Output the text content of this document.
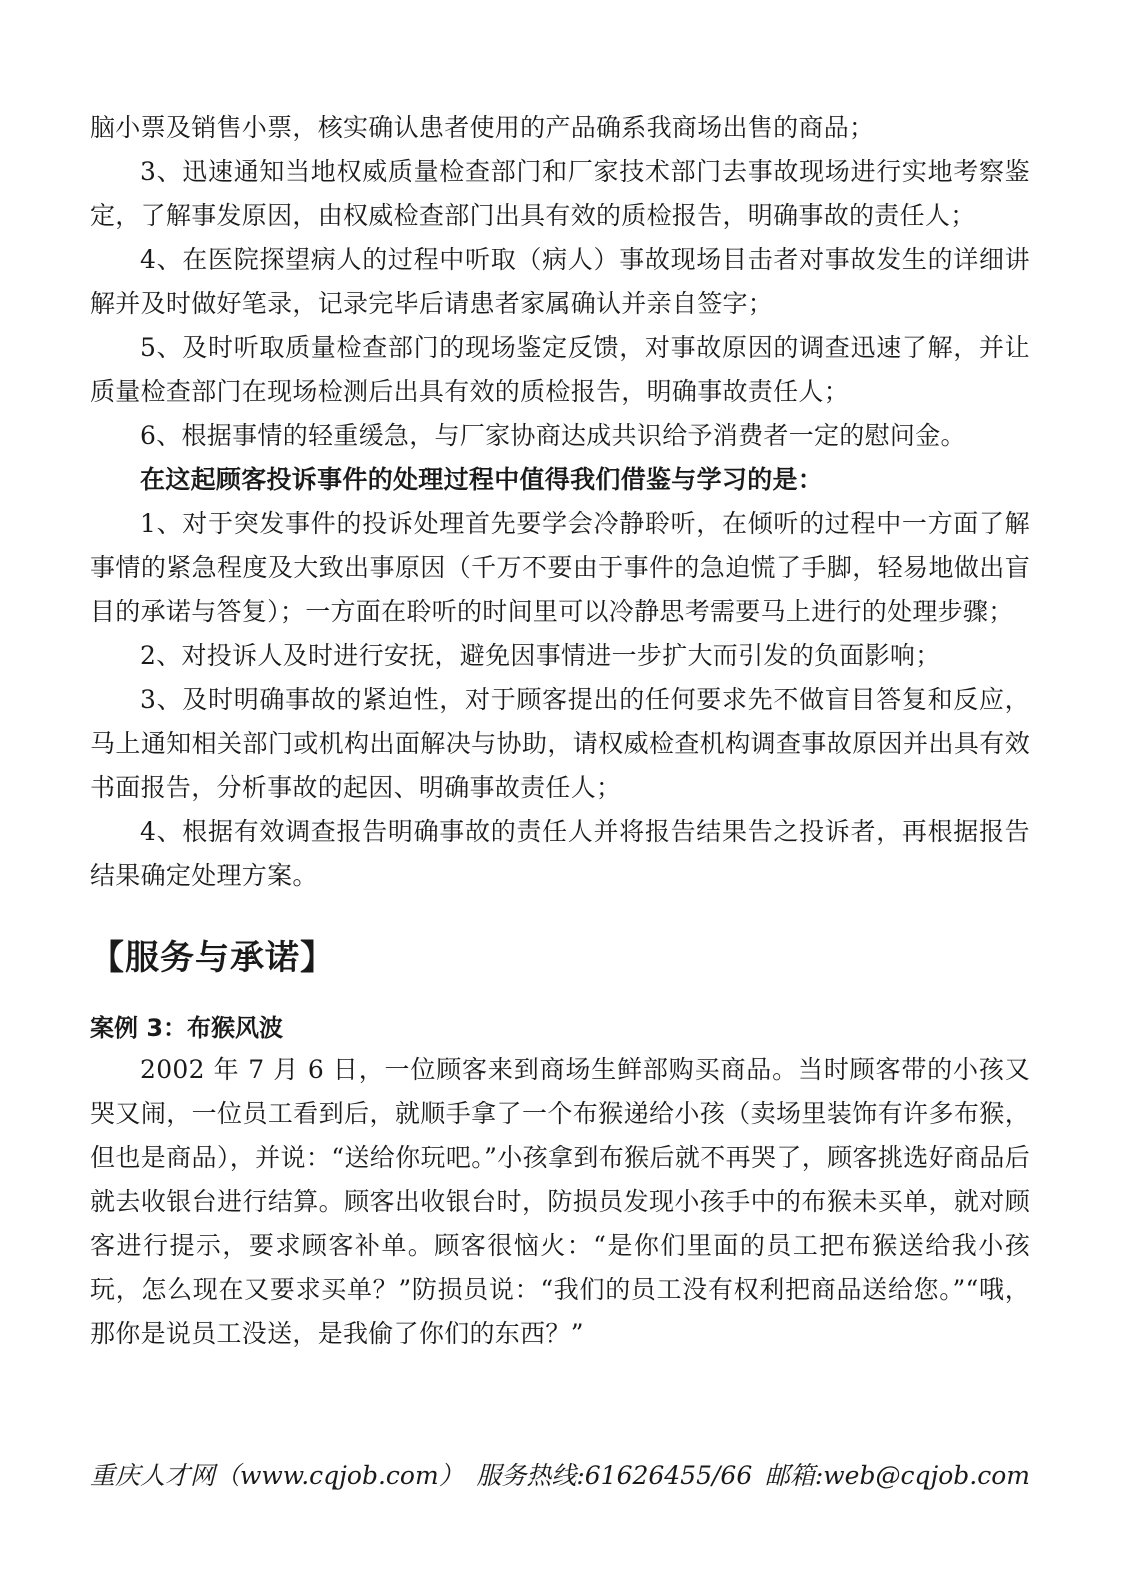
脑小票及销售小票，核实确认患者使用的产品确系我商场出售的商品；

3、迅速通知当地权威质量检查部门和厂家技术部门去事故现场进行实地考察鉴定，了解事发原因，由权威检查部门出具有效的质检报告，明确事故的责任人；

4、在医院探望病人的过程中听取（病人）事故现场目击者对事故发生的详细讲解并及时做好笔录，记录完毕后请患者家属确认并亲自签字；

5、及时听取质量检查部门的现场鉴定反馈，对事故原因的调查迅速了解，并让质量检查部门在现场检测后出具有效的质检报告，明确事故责任人；

6、根据事情的轻重缓急，与厂家协商达成共识给予消费者一定的慰问金。

在这起顾客投诉事件的处理过程中值得我们借鉴与学习的是：

1、对于突发事件的投诉处理首先要学会冷静聆听，在倾听的过程中一方面了解事情的紧急程度及大致出事原因（千万不要由于事件的急迫慌了手脚，轻易地做出盲目的承诺与答复）；一方面在聆听的时间里可以冷静思考需要马上进行的处理步骤；

2、对投诉人及时进行安抚，避免因事情进一步扩大而引发的负面影响；

3、及时明确事故的紧迫性，对于顾客提出的任何要求先不做盲目答复和反应，马上通知相关部门或机构出面解决与协助，请权威检查机构调查事故原因并出具有效书面报告，分析事故的起因、明确事故责任人；

4、根据有效调查报告明确事故的责任人并将报告结果告之投诉者，再根据报告结果确定处理方案。

【服务与承诺】
案例 3：布猴风波

2002 年 7 月 6 日，一位顾客来到商场生鲜部购买商品。当时顾客带的小孩又哭又闹，一位员工看到后，就顺手拿了一个布猴递给小孩（卖场里装饰有许多布猴，但也是商品），并说：“送给你玩吧。”小孩拿到布猴后就不再哭了，顾客挑选好商品后就去收银台进行结算。顾客出收银台时，防损员发现小孩手中的布猴未买单，就对顾客进行提示，要求顾客补单。顾客很恼火：“是你们里面的员工把布猴送给我小孩玩，怎么现在又要求买单？”防损员说：“我们的员工没有权利把商品送给您。”“哦，那你是说员工没送，是我偷了你们的东西？”

重庆人才网（www.cqjob.com） 服务热线:61626455/66 邮箱:web@cqjob.com
